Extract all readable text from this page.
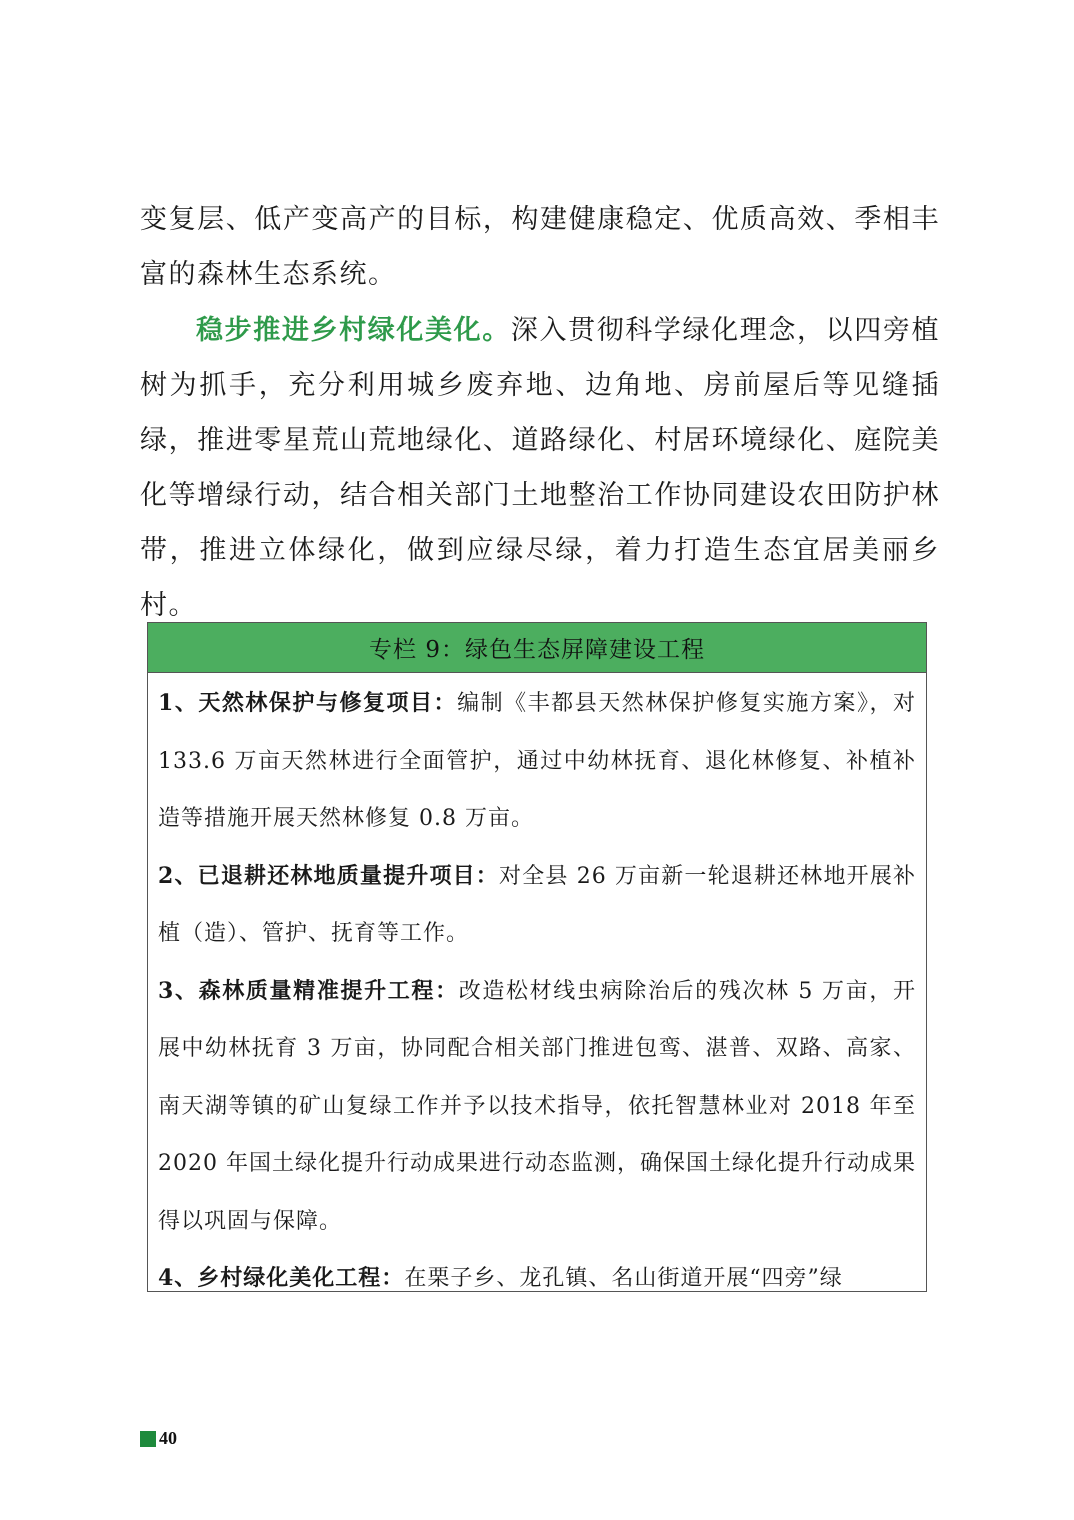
变复层、低产变高产的目标，构建健康稳定、优质高效、季相丰富的森林生态系统。

稳步推进乡村绿化美化。深入贯彻科学绿化理念，以四旁植树为抓手，充分利用城乡废弃地、边角地、房前屋后等见缝插绿，推进零星荒山荒地绿化、道路绿化、村居环境绿化、庭院美化等增绿行动，结合相关部门土地整治工作协同建设农田防护林带，推进立体绿化，做到应绿尽绿，着力打造生态宜居美丽乡村。

专栏 9：绿色生态屏障建设工程

1、天然林保护与修复项目：编制《丰都县天然林保护修复实施方案》，对 133.6 万亩天然林进行全面管护，通过中幼林抚育、退化林修复、补植补造等措施开展天然林修复 0.8 万亩。

2、已退耕还林地质量提升项目：对全县 26 万亩新一轮退耕还林地开展补植（造）、管护、抚育等工作。

3、森林质量精准提升工程：改造松材线虫病除治后的残次林 5 万亩，开展中幼林抚育 3 万亩，协同配合相关部门推进包鸾、湛普、双路、高家、南天湖等镇的矿山复绿工作并予以技术指导，依托智慧林业对 2018 年至 2020 年国土绿化提升行动成果进行动态监测，确保国土绿化提升行动成果得以巩固与保障。

4、乡村绿化美化工程：在栗子乡、龙孔镇、名山街道开展“四旁”绿

40
